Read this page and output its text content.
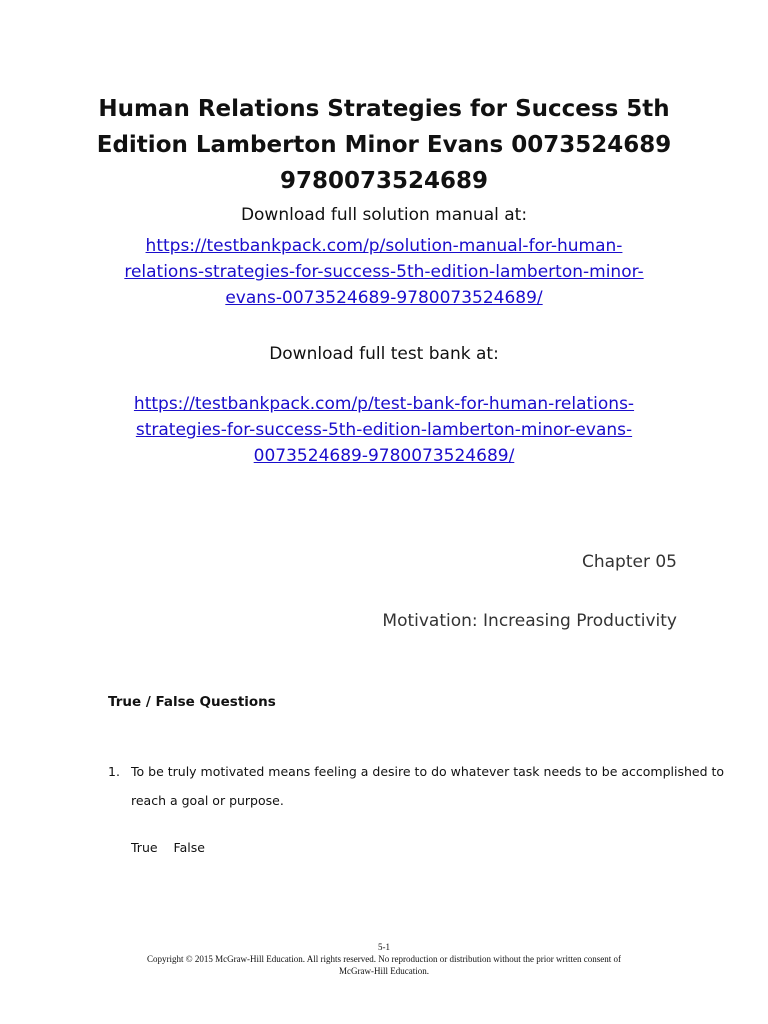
Human Relations Strategies for Success 5th
Edition Lamberton Minor Evans 0073524689
9780073524689

Download full solution manual at:

https://testbankpack.com/p/solution-manual-for-human-
relations-strategies-for-success-5th-edition-lamberton-minor-
evans-0073524689-9780073524689/

Download full test bank at:

https://testbankpack.com/p/test-bank-for-human-relations-
strategies-for-success-5th-edition-lamberton-minor-evans-
0073524689-9780073524689/
Chapter 05
Motivation: Increasing Productivity
True / False Questions
1. To be truly motivated means feeling a desire to do whatever task needs to be accomplished to
reach a goal or purpose.
True False
5-1
Copyright © 2015 McGraw-Hill Education. All rights reserved. No reproduction or distribution without the prior written consent of
McGraw-Hill Education.
